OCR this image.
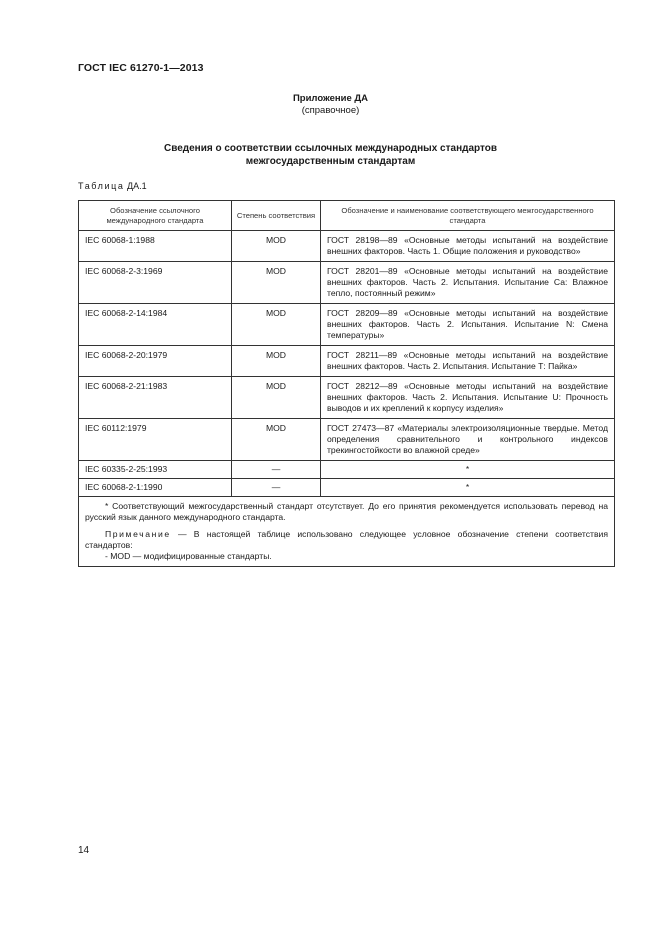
ГОСТ IEC 61270-1—2013
Приложение ДА
(справочное)
Сведения о соответствии ссылочных международных стандартов
межгосударственным стандартам
Таблица ДА.1
Обозначение ссылочного международного стандарта	Степень соответствия	Обозначение и наименование соответствующего межгосударственного стандарта
IEC 60068-1:1988	MOD	ГОСТ 28198—89 «Основные методы испытаний на воздействие внешних факторов. Часть 1. Общие положения и руководство»
IEC 60068-2-3:1969	MOD	ГОСТ 28201—89 «Основные методы испытаний на воздействие внешних факторов. Часть 2. Испытания. Испытание Са: Влажное тепло, постоянный режим»
IEC 60068-2-14:1984	MOD	ГОСТ 28209—89 «Основные методы испытаний на воздействие внешних факторов. Часть 2. Испытания. Испытание N: Смена температуры»
IEC 60068-2-20:1979	MOD	ГОСТ 28211—89 «Основные методы испытаний на воздействие внешних факторов. Часть 2. Испытания. Испытание Т: Пайка»
IEC 60068-2-21:1983	MOD	ГОСТ 28212—89 «Основные методы испытаний на воздействие внешних факторов. Часть 2. Испытания. Испытание U: Прочность выводов и их креплений к корпусу изделия»
IEC 60112:1979	MOD	ГОСТ 27473—87 «Материалы электроизоляционные твердые. Метод определения сравнительного и контрольного индексов трекингостойкости во влажной среде»
IEC 60335-2-25:1993	—	*
IEC 60068-2-1:1990	—	*

* Соответствующий межгосударственный стандарт отсутствует. До его принятия рекомендуется использовать перевод на русский язык данного международного стандарта.

Примечание — В настоящей таблице использовано следующее условное обозначение степени соответствия стандартов:

- MOD — модифицированные стандарты.		

14
